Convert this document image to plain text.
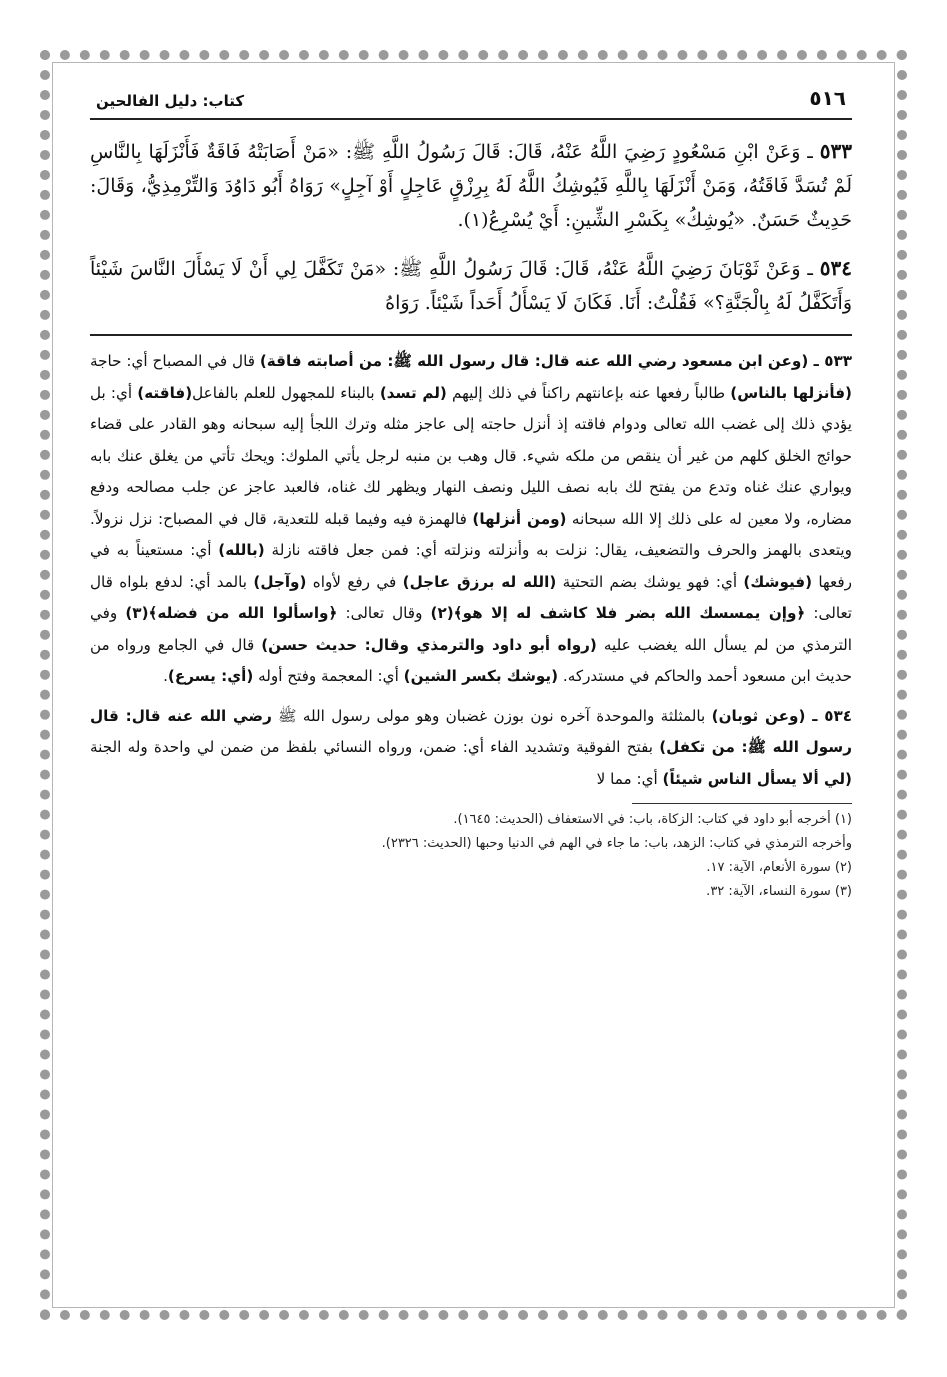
٥١٦
كتاب: دليل الفالحين

٥٣٣ ـ وَعَنْ ابْنِ مَسْعُودٍ رَضِيَ اللَّهُ عَنْهُ، قَالَ: قَالَ رَسُولُ اللَّهِ ﷺ: «مَنْ أَصَابَتْهُ فَاقَةٌ فَأَنْزَلَهَا بِالنَّاسِ لَمْ تُسَدَّ فَاقَتُهُ، وَمَنْ أَنْزَلَهَا بِاللَّهِ فَيُوشِكُ اللَّهُ لَهُ بِرِزْقٍ عَاجِلٍ أَوْ آجِلٍ» رَوَاهُ أَبُو دَاوُدَ وَالتِّرْمِذِيُّ، وَقَالَ: حَدِيثٌ حَسَنٌ. «يُوشِكُ» بِكَسْرِ الشِّينِ: أَيْ يُسْرِعُ(١).

٥٣٤ ـ وَعَنْ ثَوْبَانَ رَضِيَ اللَّهُ عَنْهُ، قَالَ: قَالَ رَسُولُ اللَّهِ ﷺ: «مَنْ تَكَفَّلَ لِي أَنْ لَا يَسْأَلَ النَّاسَ شَيْئاً وَأَتَكَفَّلُ لَهُ بِالْجَنَّةِ؟» فَقُلْتُ: أَنَا. فَكَانَ لَا يَسْأَلُ أَحَداً شَيْئاً. رَوَاهُ

٥٣٣ ـ (وعن ابن مسعود رضي الله عنه قال: قال رسول الله ﷺ: من أصابته فاقة) قال في المصباح أي: حاجة (فأنزلها بالناس) طالباً رفعها عنه بإعانتهم راكناً في ذلك إليهم (لم تسد) بالبناء للمجهول للعلم بالفاعل(فاقته) أي: بل يؤدي ذلك إلى غضب الله تعالى ودوام فاقته إذ أنزل حاجته إلى عاجز مثله وترك اللجأ إليه سبحانه وهو القادر على قضاء حوائج الخلق كلهم من غير أن ينقص من ملكه شيء. قال وهب بن منبه لرجل يأتي الملوك: ويحك تأتي من يغلق عنك بابه ويواري عنك غناه وتدع من يفتح لك بابه نصف الليل ونصف النهار ويظهر لك غناه، فالعبد عاجز عن جلب مصالحه ودفع مضاره، ولا معين له على ذلك إلا الله سبحانه (ومن أنزلها) فالهمزة فيه وفيما قبله للتعدية، قال في المصباح: نزل نزولاً. ويتعدى بالهمز والحرف والتضعيف، يقال: نزلت به وأنزلته ونزلته أي: فمن جعل فاقته نازلة (بالله) أي: مستعيناً به في رفعها (فيوشك) أي: فهو يوشك بضم التحتية (الله له برزق عاجل) في رفع لأواه (وآجل) بالمد أي: لدفع بلواه قال تعالى: ﴿وإن يمسسك الله بضر فلا كاشف له إلا هو﴾(٢) وقال تعالى: ﴿واسألوا الله من فضله﴾(٣) وفي الترمذي من لم يسأل الله يغضب عليه (رواه أبو داود والترمذي وقال: حديث حسن) قال في الجامع ورواه من حديث ابن مسعود أحمد والحاكم في مستدركه. (يوشك بكسر الشين) أي: المعجمة وفتح أوله (أي: يسرع).

٥٣٤ ـ (وعن ثوبان) بالمثلثة والموحدة آخره نون بوزن غضبان وهو مولى رسول الله ﷺ رضي الله عنه قال: قال رسول الله ﷺ: من تكفل) بفتح الفوقية وتشديد الفاء أي: ضمن، ورواه النسائي بلفظ من ضمن لي واحدة وله الجنة (لي ألا يسأل الناس شيئاً) أي: مما لا

(١) أخرجه أبو داود في كتاب: الزكاة، باب: في الاستعفاف (الحديث: ١٦٤٥).
وأخرجه الترمذي في كتاب: الزهد، باب: ما جاء في الهم في الدنيا وحبها (الحديث: ٢٣٢٦).
(٢) سورة الأنعام، الآية: ١٧.
(٣) سورة النساء، الآية: ٣٢.
